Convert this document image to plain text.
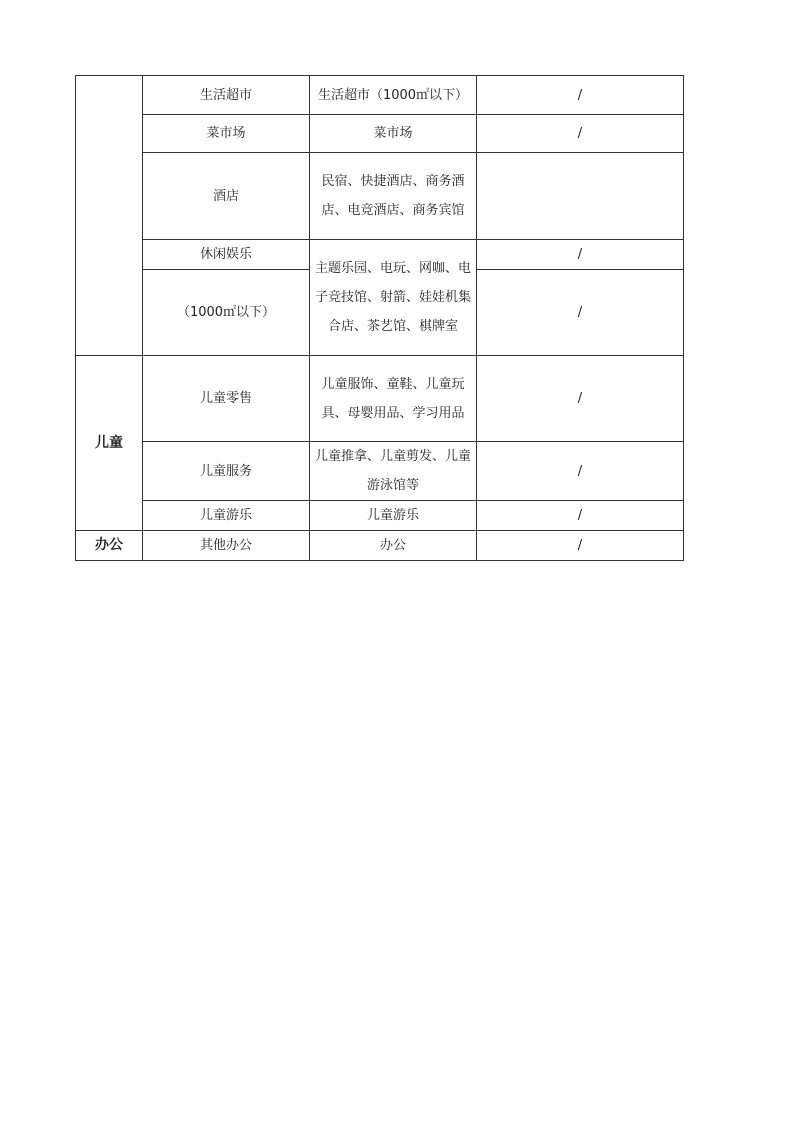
	生活超市	生活超市（1000㎡以下）	/
	菜市场	菜市场	/
	酒店	民宿、快捷酒店、商务酒店、电竞酒店、商务宾馆	
	休闲娱乐	主题乐园、电玩、网咖、电子竞技馆、射箭、娃娃机集合店、茶艺馆、棋牌室	/
	（1000㎡以下）		/
儿童	儿童零售	儿童服饰、童鞋、儿童玩具、母婴用品、学习用品	/
	儿童服务	儿童推拿、儿童剪发、儿童游泳馆等	/
	儿童游乐	儿童游乐	/
办公	其他办公	办公	/
